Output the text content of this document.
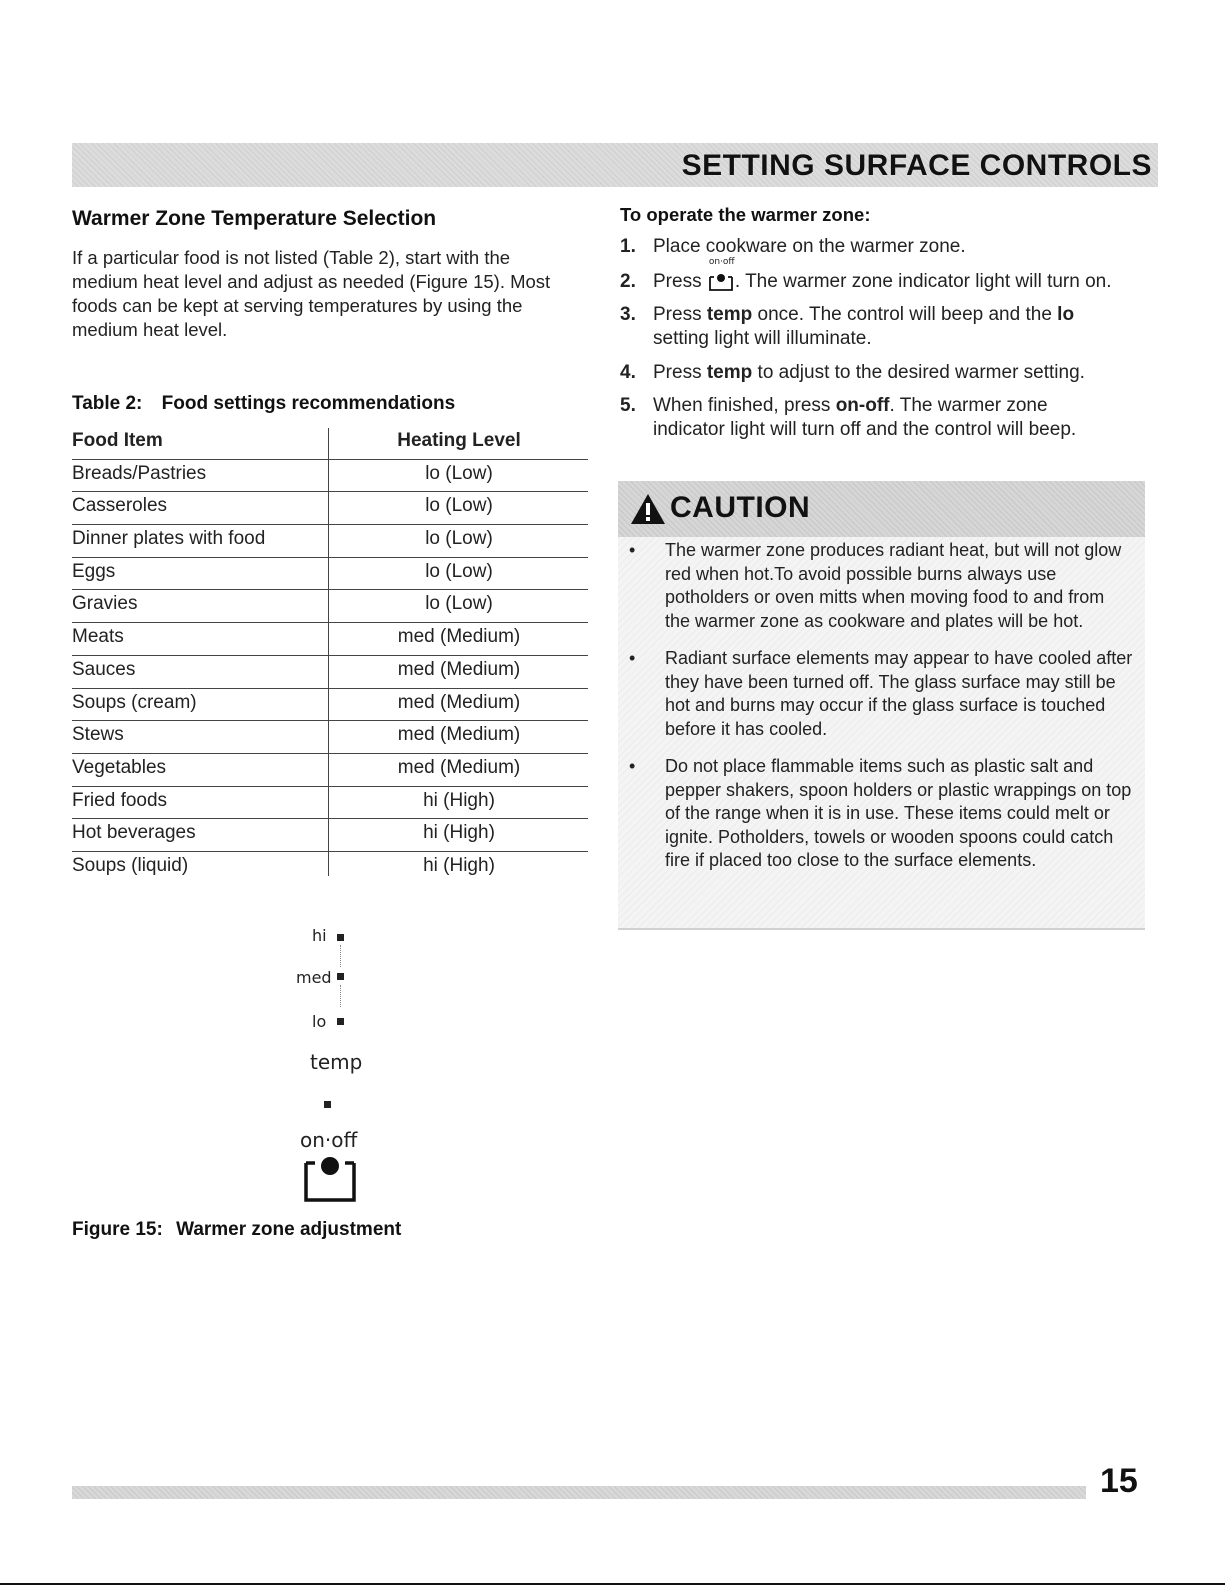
SETTING SURFACE CONTROLS
Warmer Zone Temperature Selection
If a particular food is not listed (Table 2), start with the
medium heat level and adjust as needed (Figure 15). Most
foods can be kept at serving temperatures by using the
medium heat level.
Table 2: Food settings recommendations
Food Item	Heating Level
Breads/Pastries	lo (Low)
Casseroles	lo (Low)
Dinner plates with food	lo (Low)
Eggs	lo (Low)
Gravies	lo (Low)
Meats	med (Medium)
Sauces	med (Medium)
Soups (cream)	med (Medium)
Stews	med (Medium)
Vegetables	med (Medium)
Fried foods	hi (High)
Hot beverages	hi (High)
Soups (liquid)	hi (High)
hi
med
lo
temp
on·off
Figure 15: Warmer zone adjustment
To operate the warmer zone:
1. Place cookware on the warmer zone.
2. Press
on·off
. The warmer zone indicator light will turn on.
3. Press temp once. The control will beep and the lo
setting light will illuminate.
4. Press temp to adjust to the desired warmer setting.
5. When finished, press on-off. The warmer zone
indicator light will turn off and the control will beep.
CAUTION
• The warmer zone produces radiant heat, but will not glow red when hot.To avoid possible burns always use potholders or oven mitts when moving food to and from the warmer zone as cookware and plates will be hot.
• Radiant surface elements may appear to have cooled after they have been turned off. The glass surface may still be hot and burns may occur if the glass surface is touched before it has cooled.
• Do not place flammable items such as plastic salt and pepper shakers, spoon holders or plastic wrappings on top of the range when it is in use. These items could melt or ignite. Potholders, towels or wooden spoons could catch fire if placed too close to the surface elements.
15
